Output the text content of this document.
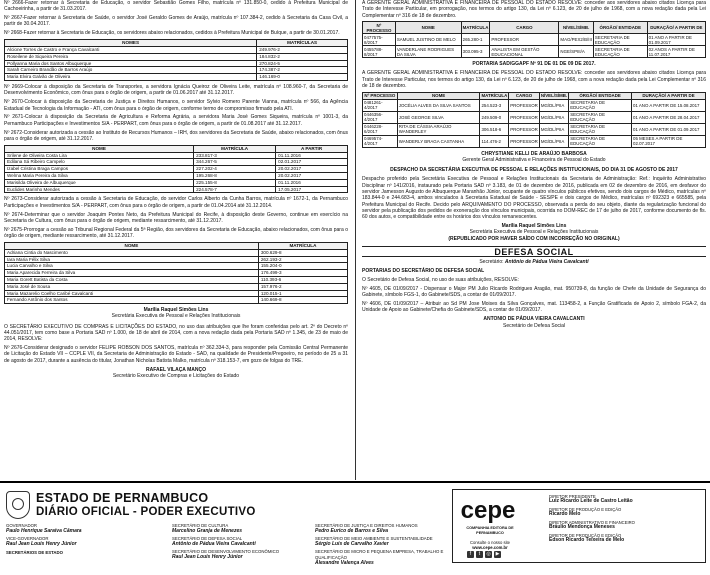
Nº 2666-Fazer retornar à Secretaria de Educação, o servidor Sebastião Gomes Filho, matrícula nº 131.850-0, cedido à Prefeitura Municipal de Cachoeirinha, a partir de 31.03.2017.

Nº 2667-Fazer retornar à Secretaria de Saúde, o servidor José Geraldo Gomes de Araújo, matrícula nº 107.384-2, cedido à Secretaria da Casa Civil, a partir de 30.04.2017.

Nº 2668-Fazer retornar à Secretaria de Educação, os servidores abaixo relacionados, cedidos à Prefeitura Municipal de Buíque, a partir de 30.01.2017.

NOMES	MATRÍCULAS
Alcione Torres de Castro e França Cavalcanti	249.976-2
Roseilene de Siqueira Pereira	184.832-2
Pollyanna Maria dos Santos Albuquerque	270.824-5
Sarah Carneiro Brandão de Barros Araújo	174.387-2
Maria Elvira Galvão de Oliveira	146.169-0

Nº 2669-Colocar à disposição da Secretaria de Transportes, a servidora Ignácia Queiroz de Oliveira Leite, matrícula nº 108.960-7, da Secretaria de Desenvolvimento Econômico, com ônus para o órgão de origem, a partir de 01.06.2017 até 31.12.2017.

Nº 2670-Colocar à disposição da Secretaria de Justiça e Direitos Humanos, o servidor Sylvio Romero Parente Vianna, matrícula nº 566, da Agência Estadual de Tecnologia da Informação - ATI, com ônus para o órgão de origem, conforme termo de compromisso firmado pela ATI.

Nº 2671-Colocar à disposição da Secretaria de Agricultura e Reforma Agrária, a servidora Maria José Gomes Siqueira, matrícula nº 1001-3, da Pernambuco Participações e Investimentos S/A - PERPART, com ônus para o órgão de origem, a partir de 01.08.2017 até 31.12.2017.

Nº 2672-Considerar autorizada a cessão ao Instituto de Recursos Humanos – IRH, dos servidores da Secretaria de Saúde, abaixo relacionados, com ônus para o órgão de origem, até 31.12.2017.

NOME	MATRÍCULA	A PARTIR
Srilene de Oliveira Costa Lira	233.817-3	01.11.2016
Edilana Sá Ribeiro Campelo	344.267-5	02.01.2017
Izabel Cristina Braga Campos	227.202-4	20.02.2017
Welma Maria Pereira da Silva	195.268-8	20.02.2017
Marisilda Oliveira de Albuquerque	225.155-8	01.11.2016
Euclides Marinho Mendes	224.578-7	17.05.2017

Nº 2673-Considerar autorizada a cessão à Secretaria de Educação, do servidor Carlos Alberto da Cunha Barros, matrícula nº 1672-1, da Pernambuco Participações e Investimentos S/A - PERPART, com ônus para o órgão de origem, a partir de 01.04.2014 até 31.12.2014.

Nº 2674-Determinar que o servidor Joaquim Pontes Neto, da Prefeitura Municipal do Recife, à disposição deste Governo, continue em exercício na Secretaria de Cultura, com ônus para o órgão de origem, mediante ressarcimento, até 31.12.2017.

Nº 2675-Prorrogar a cessão ao Tribunal Regional Federal da 5ª Região, dos servidores da Secretaria de Educação, abaixo relacionados, com ônus para o órgão de origem, mediante ressarcimento, até 31.12.2017.

NOME	MATRÍCULA
Adriana Cintia do Nascimento	300.629-8
Iara Maria Félix Silva	262.193-2
Lucia Carvalho e Silva	155.204-0
Maria Aparecida Ferreira da Silva	176.499-3
Maria Gorett Batista da Costa	110.393-6
Maria José de Sousa	157.976-2
Maria Mazarelio Coelho Caribé Cavalcanti	120.015-1
Fernando Antônio dos Santos	140.669-8
Marília Raquel Simões Lins
Secretária Executiva de Pessoal e Relações Institucionais

O SECRETÁRIO EXECUTIVO DE COMPRAS E LICITAÇÕES DO ESTADO, no uso das atribuições que lhe foram conferidas pelo art. 2º do Decreto nº 44.051/2017, tem como base a Portaria SAD nº 1.000, de 18 de abril de 2014, com a nova redação dada pela Portaria SAD nº 1.345, de 23 de maio de 2014, RESOLVE:

Nº 2676-Considerar designado o servidor FELIPE ROBSON DOS SANTOS, matrícula nº 362.334-3, para responder pela Comissão Central Permanente de Licitação do Estado VII – CCPLE VII, da Secretaria de Administração do Estado - SAD, na qualidade de Presidente/Pregoeiro, no período de 25 a 31 de agosto de 2017, durante a ausência do titular, Jonathan Nicholas Batista Malko, matrícula nº 318.153-7, em gozo de folgas do TRE.

RAFAEL VILAÇA MANÇO
Secretário Executivo de Compras e Licitações do Estado

A GERENTE GERAL ADMINISTRATIVA E FINANCEIRA DE PESSOAL DO ESTADO RESOLVE: conceder aos servidores abaixo citados Licença para Trato de Interesse Particular, em prorrogação, nos termos do artigo 130, da Lei nº 6.123, de 20 de julho de 1968, com a nova redação dada pela Lei Complementar nº 316 de 18 de dezembro.

Nº PROCESSO	NOME	MATRÍCULA	CARGO	NÍVEL/SÍMB.	ÓRGÃO/ ENTIDADE	DURAÇÃO/ A PARTIR DE
0477575-8/2017	SAMUEL JUSTINO DE MELO	265.280-1	PROFESSOR	MAG/PEX2/B/III	SECRETARIA DE EDUCAÇÃO	01 ANO A PARTIR DE 01.09.2017
0455788-8/2017	VANDERLANE RODRIGUES DA SILVA	303.095-3	ANALISTA EM GESTÃO EDUCACIONAL	NGE/SPIII/A	SECRETARIA DE EDUCAÇÃO	02 ANOS A PARTIR DE 11.07.2017

PORTARIA SAD/GGAPF Nº 91 DE 01 DE 09 DE 2017.

A GERENTE GERAL ADMINISTRATIVA E FINANCEIRA DE PESSOAL DO ESTADO RESOLVE: conceder aos servidores abaixo citados Licença para Trato de Interesse Particular, nos termos do artigo 130, da Lei nº 6.123, de 20 de julho de 1968, com a nova redação dada pela Lei Complementar nº 316 de 18 de dezembro.

Nº PROCESSO	NOME	MATRÍCULA	CARGO	NÍVEL/SÍMB.	ÓRGÃO/ ENTIDADE	DURAÇÃO/ A PARTIR DE
0481261-4/2017	JOCÉLIA ALVES DA SILVA SANTOS	254.523-3	PROFESSOR	MG/DL/PIIA	SECRETARIA DE EDUCAÇÃO	01 ANO A PARTIR DE 15.08.2017
0446356-4/2017	JOSÉ GEORGE SILVA	249.509-0	PROFESSOR	MG/DL/PIIA	SECRETARIA DE EDUCAÇÃO	01 ANO A PARTIR DE 28.04.2017
0446228-6/2017	RITA DE CÁSSIA ARAÚJO WANDERLEY	306.518-6	PROFESSOR	MG/DL/PIIA	SECRETARIA DE EDUCAÇÃO	01 ANO A PARTIR DE 01.09.2017
0469574-4/2017	WANDERLY BRAGA CASTANHA	114.476-2	PROFESSOR	MG/DL/PIIA	SECRETARIA DE EDUCAÇÃO	05 MESES A PARTIR DE 02.07.2017
CHRYSTIANE KELLI DE ARAÚJO BARBOSA
Gerente Geral Administrativa e Financeira de Pessoal do Estado

DESPACHO DA SECRETÁRIA EXECUTIVA DE PESSOAL E RELAÇÕES INSTITUCIONAIS, DO DIA 31 DE AGOSTO DE 2017

Despacho proferido pela Secretária Executiva de Pessoal e Relações Institucionais da Secretaria de Administração: Ref.: Inquérito Administrativo Disciplinar nº 141/2016, instaurado pela Portaria SAD nº 3.183, de 01 de dezembro de 2016, publicada em 02 de dezembro de 2016, em desfavor do servidor Jamesson Augusto de Albuquerque Maranhão Júnior, ocupante de quatro vínculos públicos efetivos, sendo dois cargos de Médico, matrículas nº 183.844-0 e 244.683-4, ambos vinculados à Secretaria Estadual de Saúde - SES/PE e dois cargos de Médico, matrículas nº 692323 e 665585, pela Prefeitura Municipal do Recife. Decido pelo ARQUIVAMENTO DO PROCESSO, observada a perda do seu objeto, diante da regularização funcional do servidor pela publicação dos pedidos de exoneração dos vínculos municipais, ocorrida no DOM-REC de 17 de julho de 2017, conforme documento de fls. 60 dos autos, e compatibilidade entre os horários dos vínculos remanescentes.

Marília Raquel Simões Lins
Secretária Executiva de Pessoal e Relações Institucionais
(REPUBLICADO POR HAVER SAÍDO COM INCORREÇÃO NO ORIGINAL)
DEFESA SOCIAL

Secretário: Antônio de Pádua Vieira Cavalcanti

PORTARIAS DO SECRETÁRIO DE DEFESA SOCIAL

O Secretário de Defesa Social, no uso de suas atribuições, RESOLVE:

Nº 4605, DE 01/09/2017 - Dispensar o Major PM Julio Ricardo Rodrigues Aragão, mat. 950739-8, da função de Chefe da Unidade de Segurança do Gabinete, símbolo FGS-1, do Gabinete/SDS, a contar de 01/09/2017.

Nº 4606, DE 01/09/2017 – Atribuir ao Sd PM Jose Moises da Silva Gonçalves, mat. 113458-2, a Função Gratificada de Apoio 2, símbolo FGA-2, da Unidade de Apoio ao Gabinete/Chefia do Gabinete/SDS, a contar de 01/09/2017.

ANTONIO DE PÁDUA VIEIRA CAVALCANTI
Secretário de Defesa Social
ESTADO DE PERNAMBUCO
DIÁRIO OFICIAL - PODER EXECUTIVO
GOVERNADOR
Paulo Henrique Saraiva Câmara
VICE-GOVERNADOR
Raul Jean Louis Henry Júnior
SECRETÁRIOS DE ESTADO
SECRETÁRIO DE CULTURA
Marcelino Granja de Menezes
SECRETÁRIO DE DEFESA SOCIAL
Antônio de Pádua Vieira Cavalcanti
SECRETÁRIO DE DESENVOLVIMENTO ECONÔMICO
Raul Jean Louis Henry Júnior
SECRETÁRIO DE JUSTIÇA E DIREITOS HUMANOS
Pedro Eurico de Barros e Silva
SECRETÁRIO DE MEIO AMBIENTE E SUSTENTABILIDADE
Sérgio Luís de Carvalho Xavier
SECRETÁRIO DE MICRO E PEQUENA EMPRESA, TRABALHO E QUALIFICAÇÃO
Alexandre Valença Alves
cepe
COMPANHIA EDITORA DE PERNAMBUCO
Consulte o nosso site
www.cepe.com.br
f	t	◎ ▶
DIRETOR PRESIDENTE
Luiz Ricardo Leite de Castro Leitão
DIRETOR DE PRODUÇÃO E EDIÇÃO
Ricardo Melo
DIRETOR ADMINISTRATIVO E FINANCEIRO
Bráulio Mendonça Meneses
DIRETOR DE PRODUÇÃO E EDIÇÃO
Edson Ricardo Teixeira de Melo
